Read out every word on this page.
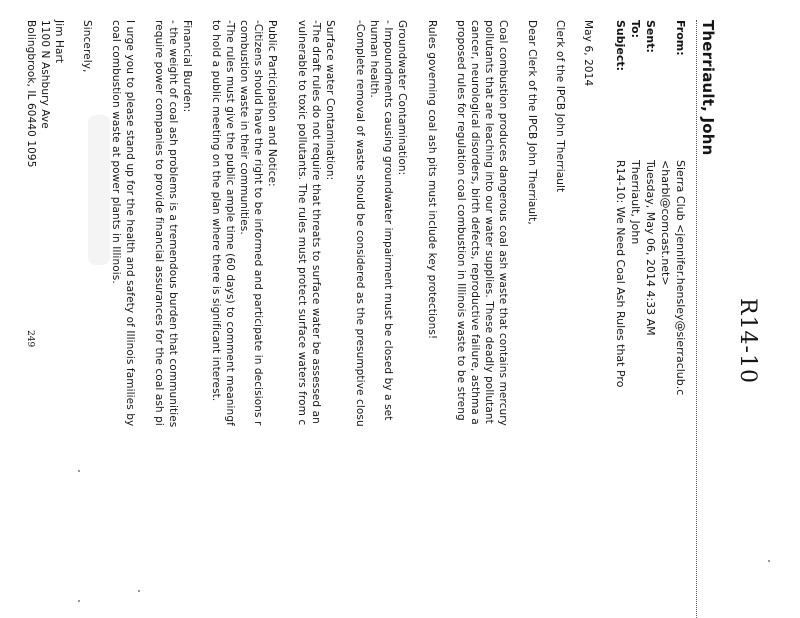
R14-10
Therriault, John
From:
Sierra Club <jennifer.hensley@sierraclub.c
<harbl@comcast.net>
Sent:
Tuesday, May 06, 2014 4:33 AM
To:
Therriault, John
Subject:
R14-10: We Need Coal Ash Rules that Pro
May 6, 2014
Clerk of the IPCB John Therriault
Dear Clerk of the IPCB John Therriault,
Coal combustion produces dangerous coal ash waste that contains mercury
pollutants that are leaching into our water supplies. These deadly pollutant
cancer, neurological disorders, birth defects, reproductive failure, asthma a
proposed rules for regulation coal combustion in Illinois waste to be streng
Rules governing coal ash pits must include key protections!
Groundwater Contamination:
- Impoundments causing groundwater impairment must be closed by a set
human health.
-Complete removal of waste should be considered as the presumptive closu
Surface water Contamination:
-The draft rules do not require that threats to surface water be assessed an
vulnerable to toxic pollutants. The rules must protect surface waters from c
Public Participation and Notice:
-Citizens should have the right to be informed and participate in decisions r
combustion waste in their communities.
-The rules must give the public ample time (60 days) to comment meaningf
to hold a public meeting on the plan where there is significant interest.
Financial Burden:
- the weight of coal ash problems is a tremendous burden that communities
require power companies to provide financial assurances for the coal ash pi
I urge you to please stand up for the health and safety of Illinois families by
coal combustion waste at power plants in Illinois.
Sincerely,
Jim Hart
1100 N Ashbury Ave
Bolingbrook, IL 60440 1095
249
